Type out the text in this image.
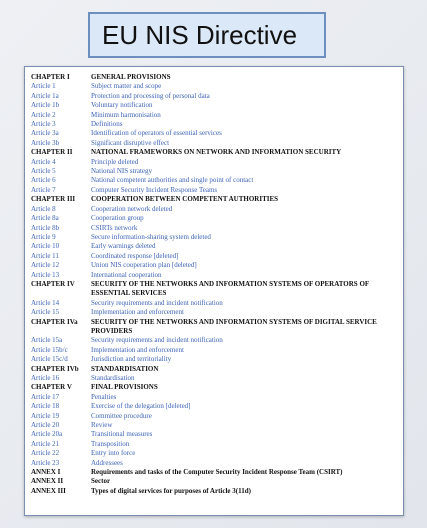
EU NIS Directive
CHAPTER I	GENERAL PROVISIONS
Article 1	Subject matter and scope
Article 1a	Protection and processing of personal data
Article 1b	Voluntary notification
Article 2	Minimum harmonisation
Article 3	Definitions
Article 3a	Identification of operators of essential services
Article 3b	Significant disruptive effect
CHAPTER II	NATIONAL FRAMEWORKS ON NETWORK AND INFORMATION SECURITY
Article 4	Principle deleted
Article 5	National NIS strategy
Article 6	National competent authorities and single point of contact
Article 7	Computer Security Incident Response Teams
CHAPTER III	COOPERATION BETWEEN COMPETENT AUTHORITIES
Article 8	Cooperation network deleted
Article 8a	Cooperation group
Article 8b	CSIRTs network
Article 9	Secure information-sharing system deleted
Article 10	Early warnings deleted
Article 11	Coordinated response [deleted]
Article 12	Union NIS cooperation plan [deleted]
Article 13	International cooperation
CHAPTER IV	SECURITY OF THE NETWORKS AND INFORMATION SYSTEMS OF OPERATORS OF ESSENTIAL SERVICES
Article 14	Security requirements and incident notification
Article 15	Implementation and enforcement
CHAPTER IVa	SECURITY OF THE NETWORKS AND INFORMATION SYSTEMS OF DIGITAL SERVICE PROVIDERS
Article 15a	Security requirements and incident notification
Article 15b/c	Implementation and enforcement
Article 15c/d	Jurisdiction and territoriality
CHAPTER IVb	STANDARDISATION
Article 16	Standardisation
CHAPTER V	FINAL PROVISIONS
Article 17	Penalties
Article 18	Exercise of the delegation [deleted]
Article 19	Committee procedure
Article 20	Review
Article 20a	Transitional measures
Article 21	Transposition
Article 22	Entry into force
Article 23	Addressees
ANNEX I	Requirements and tasks of the Computer Security Incident Response Team (CSIRT)
ANNEX II	Sector
ANNEX III	Types of digital services for purposes of Article 3(11d)
